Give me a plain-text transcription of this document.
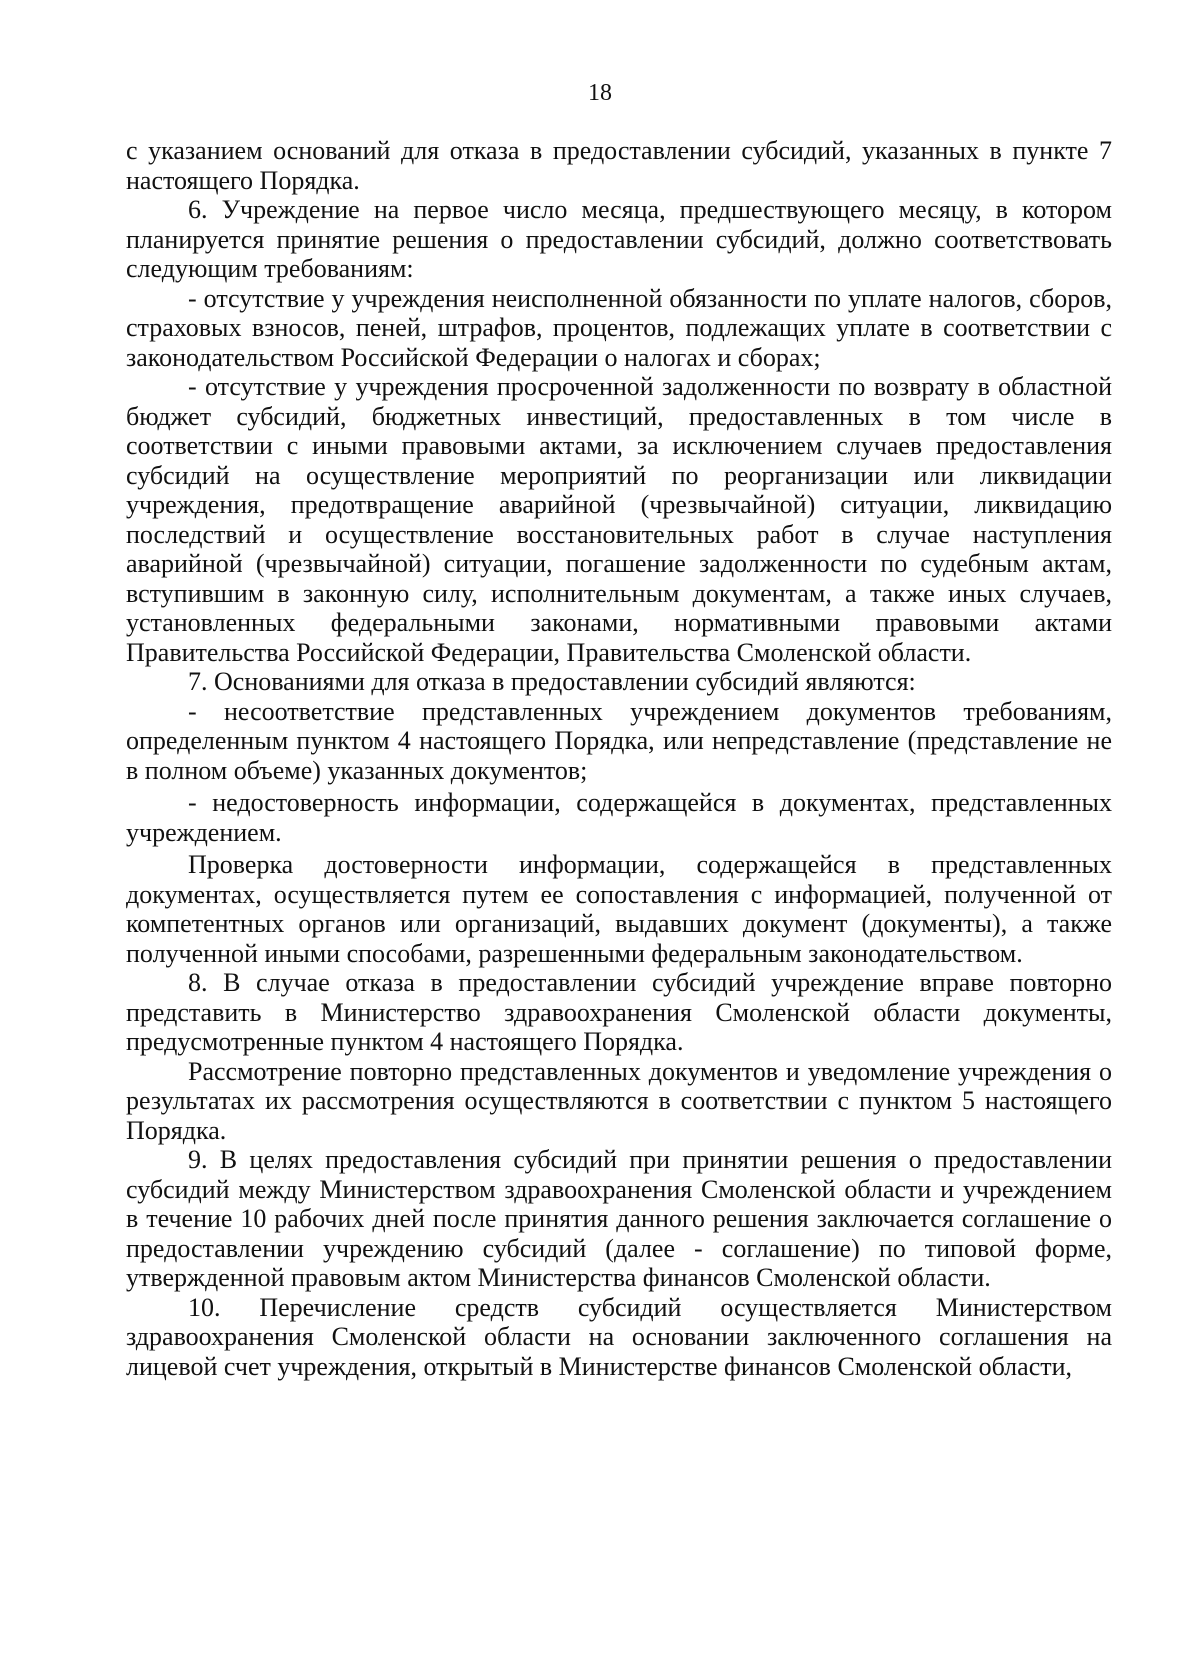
18

с указанием оснований для отказа в предоставлении субсидий, указанных в пункте 7 настоящего Порядка.

6. Учреждение на первое число месяца, предшествующего месяцу, в котором планируется принятие решения о предоставлении субсидий, должно соответствовать следующим требованиям:

- отсутствие у учреждения неисполненной обязанности по уплате налогов, сборов, страховых взносов, пеней, штрафов, процентов, подлежащих уплате в соответствии с законодательством Российской Федерации о налогах и сборах;

- отсутствие у учреждения просроченной задолженности по возврату в областной бюджет субсидий, бюджетных инвестиций, предоставленных в том числе в соответствии с иными правовыми актами, за исключением случаев предоставления субсидий на осуществление мероприятий по реорганизации или ликвидации учреждения, предотвращение аварийной (чрезвычайной) ситуации, ликвидацию последствий и осуществление восстановительных работ в случае наступления аварийной (чрезвычайной) ситуации, погашение задолженности по судебным актам, вступившим в законную силу, исполнительным документам, а также иных случаев, установленных федеральными законами, нормативными правовыми актами Правительства Российской Федерации, Правительства Смоленской области.

7. Основаниями для отказа в предоставлении субсидий являются:

- несоответствие представленных учреждением документов требованиям, определенным пунктом 4 настоящего Порядка, или непредставление (представление не в полном объеме) указанных документов;

- недостоверность информации, содержащейся в документах, представленных учреждением.

Проверка достоверности информации, содержащейся в представленных документах, осуществляется путем ее сопоставления с информацией, полученной от компетентных органов или организаций, выдавших документ (документы), а также полученной иными способами, разрешенными федеральным законодательством.

8. В случае отказа в предоставлении субсидий учреждение вправе повторно представить в Министерство здравоохранения Смоленской области документы, предусмотренные пунктом 4 настоящего Порядка.

Рассмотрение повторно представленных документов и уведомление учреждения о результатах их рассмотрения осуществляются в соответствии с пунктом 5 настоящего Порядка.

9. В целях предоставления субсидий при принятии решения о предоставлении субсидий между Министерством здравоохранения Смоленской области и учреждением в течение 10 рабочих дней после принятия данного решения заключается соглашение о предоставлении учреждению субсидий (далее - соглашение) по типовой форме, утвержденной правовым актом Министерства финансов Смоленской области.

10. Перечисление средств субсидий осуществляется Министерством здравоохранения Смоленской области на основании заключенного соглашения на лицевой счет учреждения, открытый в Министерстве финансов Смоленской области,
